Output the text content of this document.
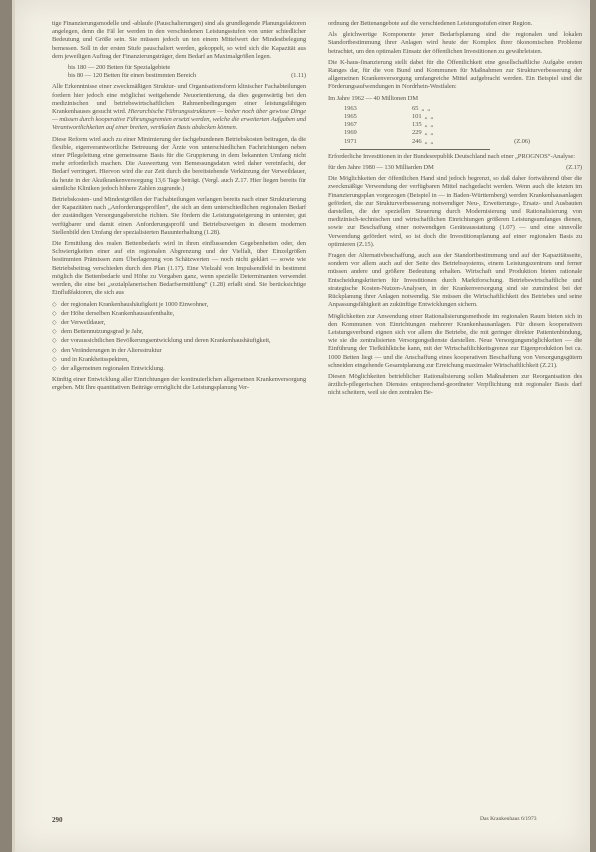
tige Finanzierungsmodelle und -ablaufe (Pauschalierungen) sind als grundlegende Planungsfaktoren angelegen, denn die Fäl ler werden in den verschiedenen Leistungsstufen von unter schiedlicher Bedeutung und Größe sein. Sie müssen jedoch un ten einem Mittelwert der Mindestbelegung bemessen. Soll in der ersten Stufe pauschaliert werden, gekoppelt, so wird sich die Kapazität aus dem jeweiligen Auftrag der Finanzierungsträger, dem Bedarf an Maximalgrößen legen.

bis 180 — 200 Betten für Spezialgebiete
bis 80 — 120 Betten für einen bestimmten Bereich	(1.11)

Alle Erkenntnisse einer zweckmäßigen Struktur- und Organisationsform klinischer Fachabteilungen fordern hier jedoch eine möglichst weitgehende Neuorientierung, da dies gegenwärtig bei den medizinischen und betriebswirtschaftlichen Rahmenbedingungen einer leistungsfähigen Krankenhauses gesucht wird. Hierarchische Führungsstrukturen — bisher noch über gewisse Dinge — müssen durch kooperative Führungsgremien ersetzt werden, welche die erweiterten Aufgaben und Verantwortlichkeiten auf einer breiten, vertikalen Basis abdecken können.

Diese Reform wird auch zu einer Minimierung der fachgebundenen Betriebskosten beitragen, da die flexible, eigenverantwortliche Betreuung der Ärzte von unterschiedlichen Fachrichtungen neben einer Pflegeleitung eine gemeinsame Basis für die Gruppierung in dem bekannten Umfang nicht mehr erforderlich machen. Die Auswertung von Bemessungsdaten wird daher vereinfacht, der Bedarf verringert. Hiervon wird die zur Zeit durch die bereitstehende Verkürzung der Verweildauer, da heute in der Akutkrankenversorgung 13,6 Tage beträgt. (Vergl. auch Z.17. Hier liegen bereits für sämtliche Kliniken jedoch höhere Zahlen zugrunde.)

Betriebskosten- und Mindestgrößen der Fachabteilungen verlangen bereits nach einer Strukturierung der Kapazitäten nach „Anforderungsprofilen“, die sich an dem unterschiedlichen regionalen Bedarf der zuständigen Versorgungsbereiche richten. Sie fördern die Leistungssteigerung in unterster, gut verfügbarer und damit einen Anforderungsprofil und Betriebszweigen in diesem modernen Stellenbild den Umfang der spezialisierten Bauunterhaltung (1.28).

Die Ermittlung des realen Bettenbedarfs wird in ihren einflussenden Gegebenheiten oder, den Schwierigkeiten einer auf ein regionalen Abgrenzung und der Vielfalt, über Einzelgrößen bestimmten Prämissen zum Überlagerung von Schätzwerten — noch nicht geklärt — sowie wie Betriebsbeitrag verschieden durch den Plan (1.17). Eine Vielzahl von Impulsendfeld in bestimmt möglich die Bettenbedarfe und Höhe zu Vorgaben ganz, wenn spezielle Determinanten verwendet werden, die eine bei „sozialplanerischen Bedarfsermittlung“ (1.28) erfaßt sind. Sie berücksichtige Einflußfaktoren, die sich aus

◇ der regionalen Krankenhaushäufigkeit je 1000 Einwohner,
◇ der Höhe derselben Krankenhausaufenthalte,
◇ der Verweildauer,
◇ dem Bettennutzungsgrad je Jahr,
◇ der voraussichtlichen Bevölkerungsentwicklung und deren Krankenhaushäufigkeit,
◇ den Veränderungen in der Altersstruktur
◇ und in Krankheitsspektren,
◇ der allgemeinen regionalen Entwicklung.

Künftig einer Entwicklung aller Einrichtungen der kontinuierlichen allgemeinen Krankenversorgung ergeben. Mit Ihre quantitativen Beiträge ermöglicht die Leistungsplanung Ver-

ordnung der Bettenangebote auf die verschiedenen Leistungsstufen einer Region.

Als gleichwertige Komponente jener Bedarfsplanung sind die regionalen und lokalen Standortbestimmung ihrer Anlagen wird heute der Komplex ihrer ökonomischen Probleme betrachtet, um den optimalen Einsatz der öffentlichen Investitionen zu gewährleisten.

Die K-haus-finanzierung stellt dabei für die Öffentlichkeit eine gesellschaftliche Aufgabe ersten Ranges dar, für die von Bund und Kommunen für Maßnahmen zur Strukturverbesserung der allgemeinen Krankenversorgung umfangreiche Mittel aufgebracht werden. Ein Beispiel sind die Förderungsaufwendungen in Nordrhein-Westfalen:

Im Jahre 1962 — 40 Millionen DM
1963	65 „ „
1965	101 „ „
1967	135 „ „
1969	229 „ „
1971	246 „ „	(Z.06)

Erforderliche Investitionen in der Bundesrepublik Deutschland nach einer „PROGNOS“-Analyse:

für den Jahre 1980 — 130 Milliarden DM	(Z.17)

Die Möglichkeiten der öffentlichen Hand sind jedoch begrenzt, so daß daher fortwährend über die zweckmäßige Verwendung der verfügbaren Mittel nachgedacht werden. Wenn auch die letzten im Finanzierungsplan vorgezogen (Beispiel in — in Baden-Württemberg) werden Krankenhausanlagen gefördert, die zur Strukturverbesserung notwendiger Neu-, Erweiterungs-, Ersatz- und Ausbauten darstellen, die der speziellen Steuerung durch Modernisierung und Rationalisierung von medizinisch-technischen und wirtschaftlichen Einrichtungen größeren Leistungsumfanges dienen, sowie zur Beschaffung einer notwendigen Geräteausstattung (1.07) — und eine sinnvolle Verwendung gefördert wird, so ist doch die Investitionsplanung auf einer regionalen Basis zu optimieren (Z.15).

Fragen der Alternativbeschaffung, auch aus der Standortbestimmung und auf der Kapazitätsseite, sondern vor allem auch auf der Seite des Betriebssystems, einem Leistungszentrum und ferner müssen andere und größere Bedeutung erhalten. Wirtschaft und Produktion bieten rationale Entscheidungskriterien für Investitionen durch Marktforschung. Betriebswirtschaftliche und strategische Kosten-Nutzen-Analysen, in der Krankenversorgung sind sie zumindest bei der Rückplanung ihrer Anlagen notwendig. Sie müssen die Wirtschaftlichkeit des Betriebes und seine Anpassungsfähigkeit an zukünftige Entwicklungen sichern.

Möglichkeiten zur Anwendung einer Rationalisierungsmethode im regionalen Raum bieten sich in den Kommunen von Einrichtungen mehrerer Krankenhausanlagen. Für diesen kooperativen Leistungsverbund eignen sich vor allem die Betriebe, die mit geringer direkter Patientenbindung, wie sie die zentralisierten Versorgungsdienste darstellen. Neue Versorgungsmöglichkeiten — die Einführung der Tiefkühlküche kann, mit der Wirtschaftlichkeitsgrenze zur Eigenproduktion bei ca. 1000 Betten liegt — und die Anschaffung eines kooperativen Beschaffung von Versorgungsgütern schneiden eingehende Gesamtplanung zur Erreichung maximaler Wirtschaftlichkeit (Z.21).

Diesen Möglichkeiten betrieblicher Rationalisierung sollen Maßnahmen zur Reorganisation des ärztlich-pflegerischen Dienstes entsprechend-geordneter Verpflichtung mit regionaler Basis darf nicht scheitern, weil sie den zentralen Be-

290	Das Krankenhaus 6/1973
